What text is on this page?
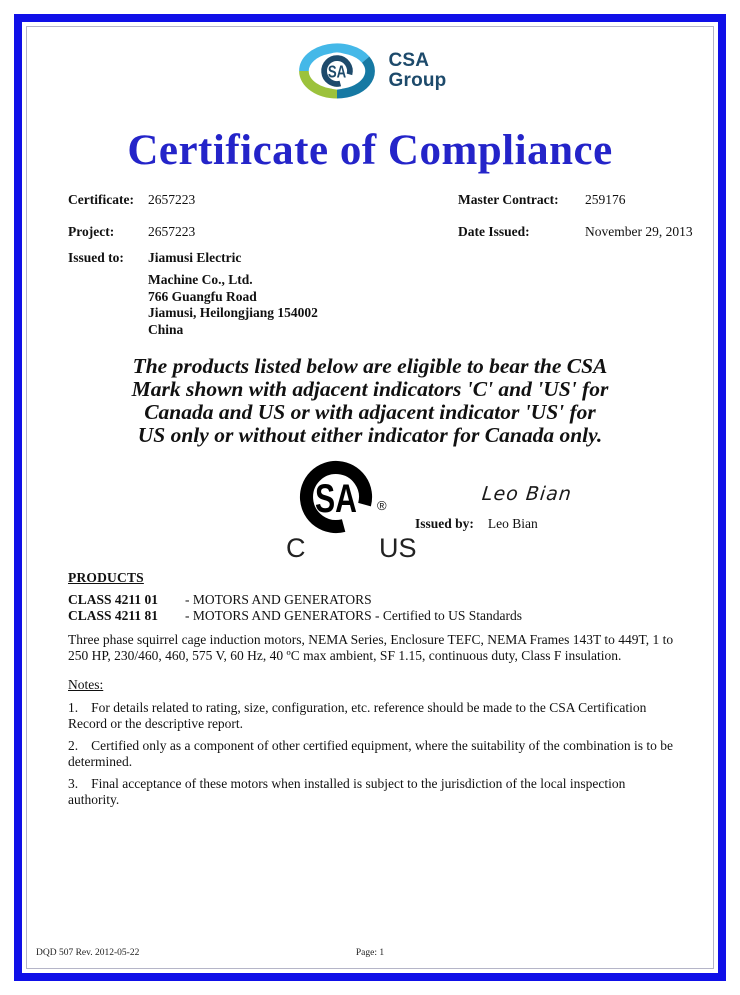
CSA
Group
Certificate of Compliance
Certificate: 2657223	Master Contract: 259176
Project:	2657223	Date Issued:	November 29, 2013
Issued to: Jiamusi Electric
Machine Co., Ltd.
766 Guangfu Road
Jiamusi, Heilongjiang 154002
China
The products listed below are eligible to bear the CSA
Mark shown with adjacent indicators 'C' and 'US' for
Canada and US or with adjacent indicator 'US' for
US only or without either indicator for Canada only.
®
C	US
Leo Bian
Issued by: Leo Bian
PRODUCTS
CLASS 4211 01 - MOTORS AND GENERATORS
CLASS 4211 81 - MOTORS AND GENERATORS - Certified to US Standards
Three phase squirrel cage induction motors, NEMA Series, Enclosure TEFC, NEMA Frames 143T to 449T, 1 to 250 HP, 230/460, 460, 575 V, 60 Hz, 40 ºC max ambient, SF 1.15, continuous duty, Class F insulation.
Notes:
1. For details related to rating, size, configuration, etc. reference should be made to the CSA Certification Record or the descriptive report.
2. Certified only as a component of other certified equipment, where the suitability of the combination is to be determined.
3. Final acceptance of these motors when installed is subject to the jurisdiction of the local inspection authority.
DQD 507 Rev. 2012-05-22	Page: 1
